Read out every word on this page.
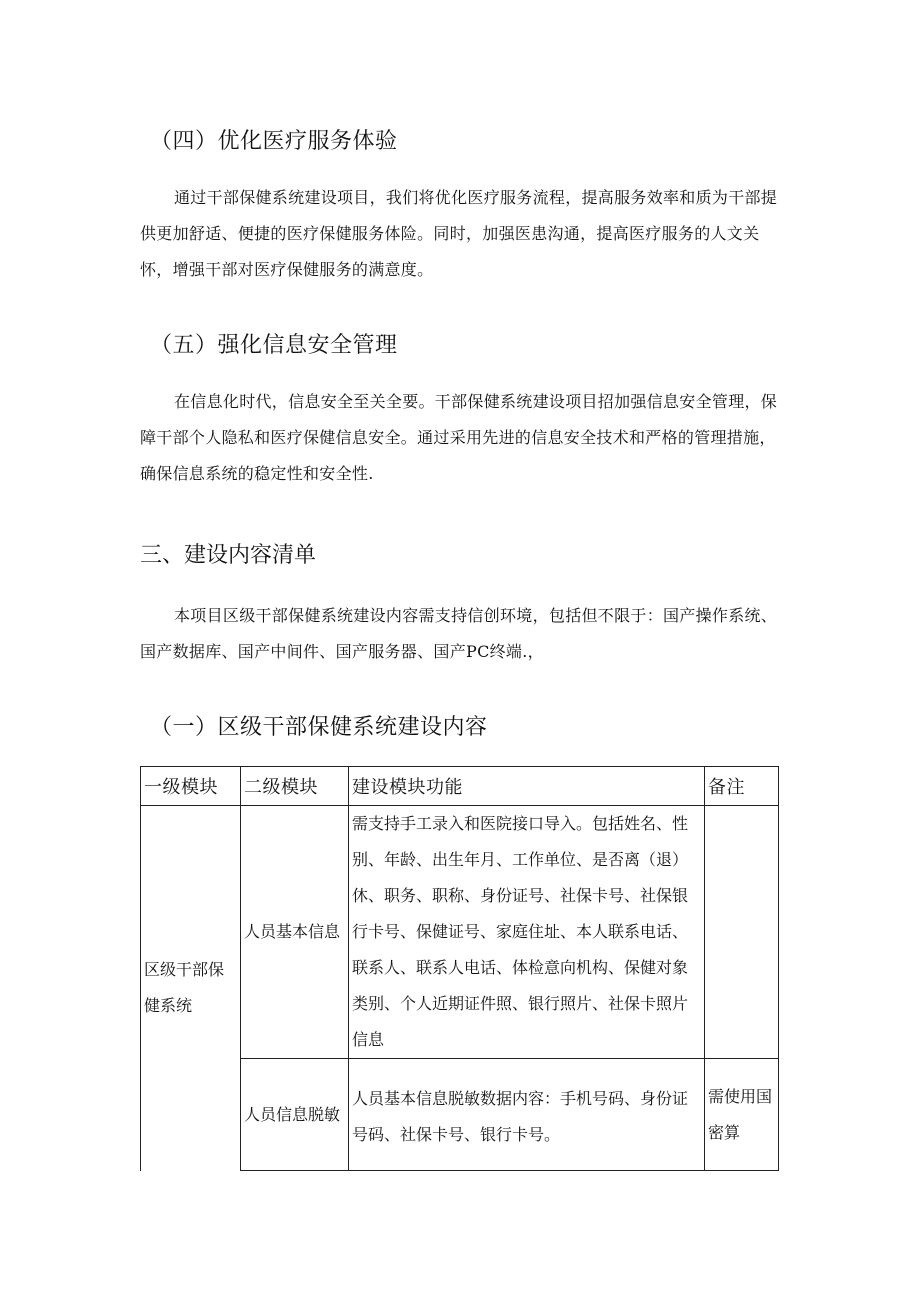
（四）优化医疗服务体验

通过干部保健系统建设项目，我们将优化医疗服务流程，提高服务效率和质为干部提供更加舒适、便捷的医疗保健服务体险。同时，加强医患沟通，提高医疗服务的人文关怀，增强干部对医疗保健服务的满意度。

（五）强化信息安全管理

在信息化时代，信息安全至关全要。干部保健系统建设项目招加强信息安全管理，保障干部个人隐私和医疗保健信息安全。通过采用先进的信息安全技术和严格的管理措施，确保信息系统的稳定性和安全性.

三、建设内容清单

本项目区级干部保健系统建设内容需支持信创环境，包括但不限于：国产操作系统、国产数据库、国产中间件、国产服务器、国产PC终端.，

（一）区级干部保健系统建设内容
一级模块	二级模块	建设模块功能	备注
区级干部保健系统	人员基本信息	需支持手工录入和医院接口导入。包括姓名、性别、年龄、出生年月、工作单位、是否离（退）休、职务、职称、身份证号、社保卡号、社保银行卡号、保健证号、家庭住址、本人联系电话、联系人、联系人电话、体检意向机构、保健对象类别、个人近期证件照、银行照片、社保卡照片信息	
	人员信息脱敏	人员基本信息脱敏数据内容：手机号码、身份证号码、社保卡号、银行卡号。	需使用国密算
